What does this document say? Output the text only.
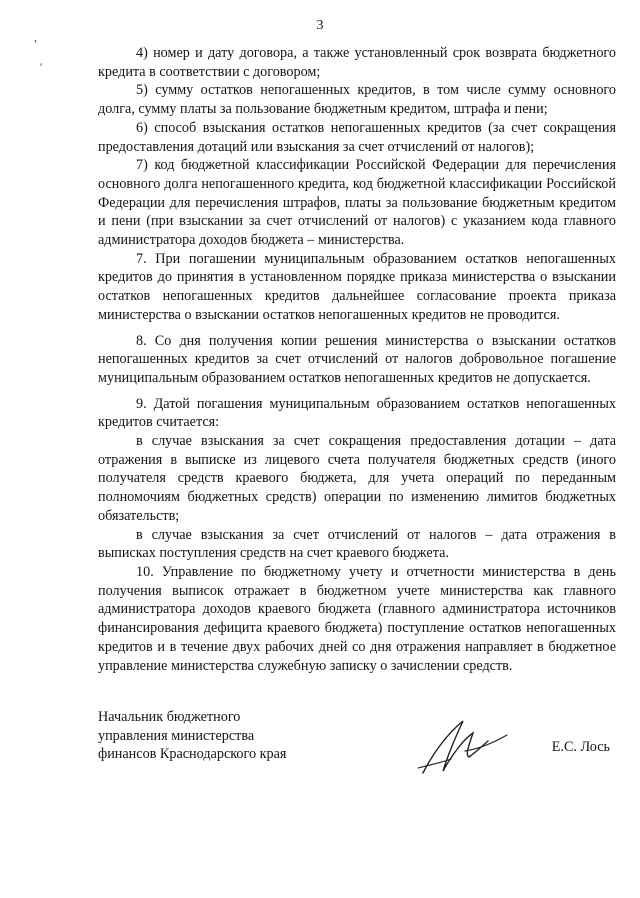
3
,
'

4) номер и дату договора, а также установленный срок возврата бюджетного кредита в соответствии с договором;

5) сумму остатков непогашенных кредитов, в том числе сумму основного долга, сумму платы за пользование бюджетным кредитом, штрафа и пени;

6) способ взыскания остатков непогашенных кредитов (за счет сокращения предоставления дотаций или взыскания за счет отчислений от налогов);

7) код бюджетной классификации Российской Федерации для перечисления основного долга непогашенного кредита, код бюджетной классификации Российской Федерации для перечисления штрафов, платы за пользование бюджетным кредитом и пени (при взыскании за счет отчислений от налогов) с указанием кода главного администратора доходов бюджета – министерства.

7. При погашении муниципальным образованием остатков непогашенных кредитов до принятия в установленном порядке приказа министерства о взыскании остатков непогашенных кредитов дальнейшее согласование проекта приказа министерства о взыскании остатков непогашенных кредитов не проводится.

8. Со дня получения копии решения министерства о взыскании остатков непогашенных кредитов за счет отчислений от налогов добровольное погашение муниципальным образованием остатков непогашенных кредитов не допускается.

9. Датой погашения муниципальным образованием остатков непогашенных кредитов считается:

в случае взыскания за счет сокращения предоставления дотации – дата отражения в выписке из лицевого счета получателя бюджетных средств (иного получателя средств краевого бюджета, для учета операций по переданным полномочиям бюджетных средств) операции по изменению лимитов бюджетных обязательств;

в случае взыскания за счет отчислений от налогов – дата отражения в выписках поступления средств на счет краевого бюджета.

10. Управление по бюджетному учету и отчетности министерства в день получения выписок отражает в бюджетном учете министерства как главного администратора доходов краевого бюджета (главного администратора источников финансирования дефицита краевого бюджета) поступление остатков непогашенных кредитов и в течение двух рабочих дней со дня отражения направляет в бюджетное управление министерства служебную записку о зачислении средств.

Начальник бюджетного
управления министерства
финансов Краснодарского края	Е.С. Лось
